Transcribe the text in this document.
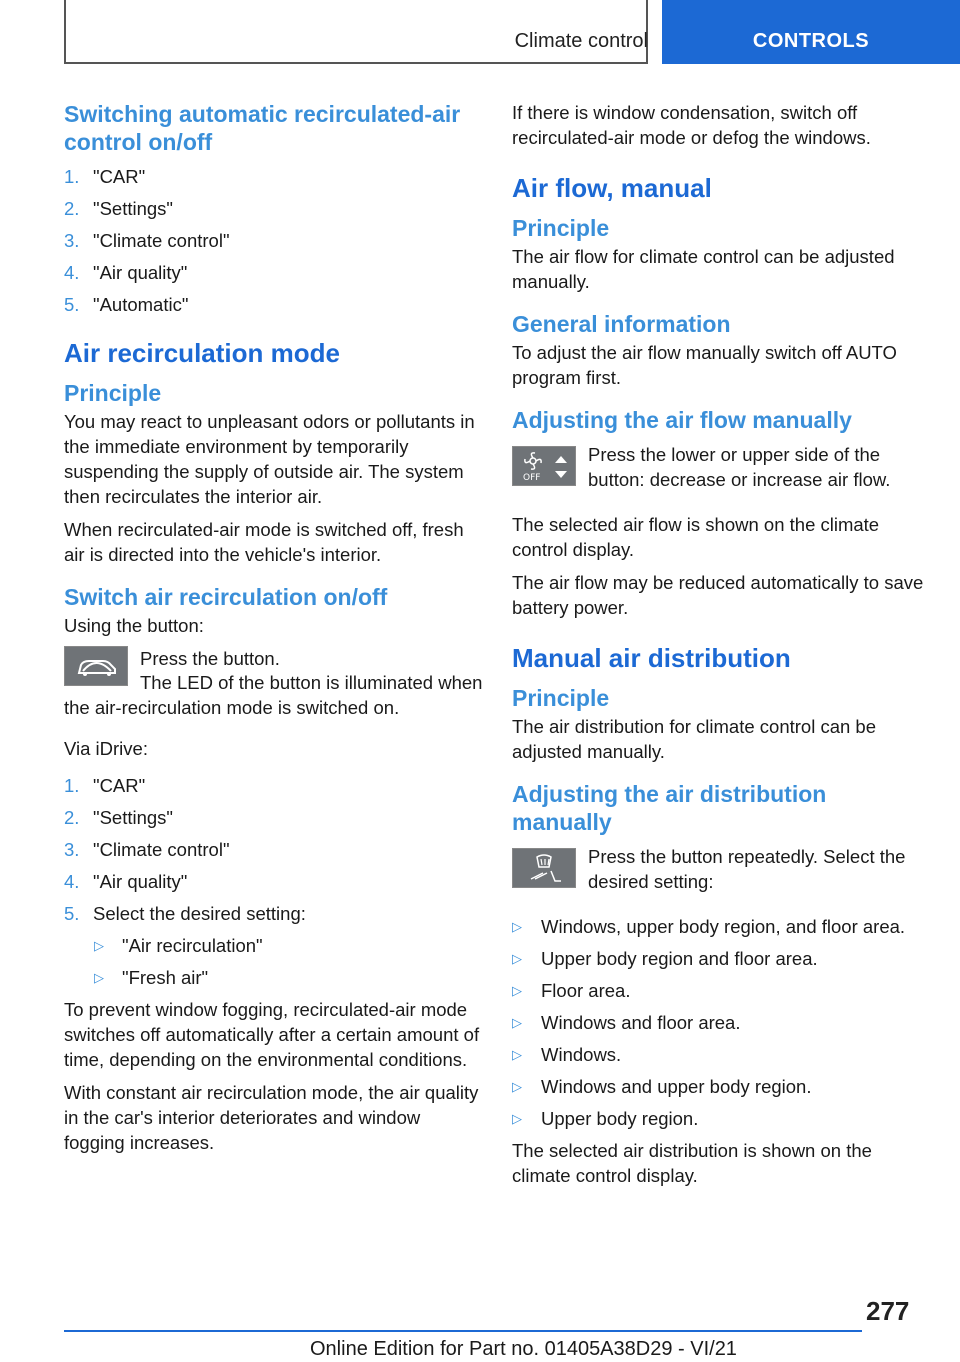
Climate control	CONTROLS
Switching automatic recirculated-air control on/off
1. "CAR"
2. "Settings"
3. "Climate control"
4. "Air quality"
5. "Automatic"
Air recirculation mode
Principle

You may react to unpleasant odors or pollutants in the immediate environment by temporarily suspending the supply of outside air. The system then recirculates the interior air.

When recirculated-air mode is switched off, fresh air is directed into the vehicle's interior.

Switch air recirculation on/off

Using the button:

Press the button.

The LED of the button is illuminated when the air-recirculation mode is switched on.

Via iDrive:

1. "CAR"
2. "Settings"
3. "Climate control"
4. "Air quality"
5. Select the desired setting:
▷ "Air recirculation"
▷ "Fresh air"

To prevent window fogging, recirculated-air mode switches off automatically after a certain amount of time, depending on the environmental conditions.

With constant air recirculation mode, the air quality in the car's interior deteriorates and window fogging increases.

If there is window condensation, switch off recirculated-air mode or defog the windows.

Air flow, manual
Principle

The air flow for climate control can be adjusted manually.

General information

To adjust the air flow manually switch off AUTO program first.

Adjusting the air flow manually
OFF

Press the lower or upper side of the button: decrease or increase air flow.

The selected air flow is shown on the climate control display.

The air flow may be reduced automatically to save battery power.

Manual air distribution
Principle

The air distribution for climate control can be adjusted manually.

Adjusting the air distribution manually

Press the button repeatedly. Select the desired setting:

▷ Windows, upper body region, and floor area.
▷ Upper body region and floor area.
▷ Floor area.
▷ Windows and floor area.
▷ Windows.
▷ Windows and upper body region.
▷ Upper body region.

The selected air distribution is shown on the climate control display.

277
Online Edition for Part no. 01405A38D29 - VI/21
